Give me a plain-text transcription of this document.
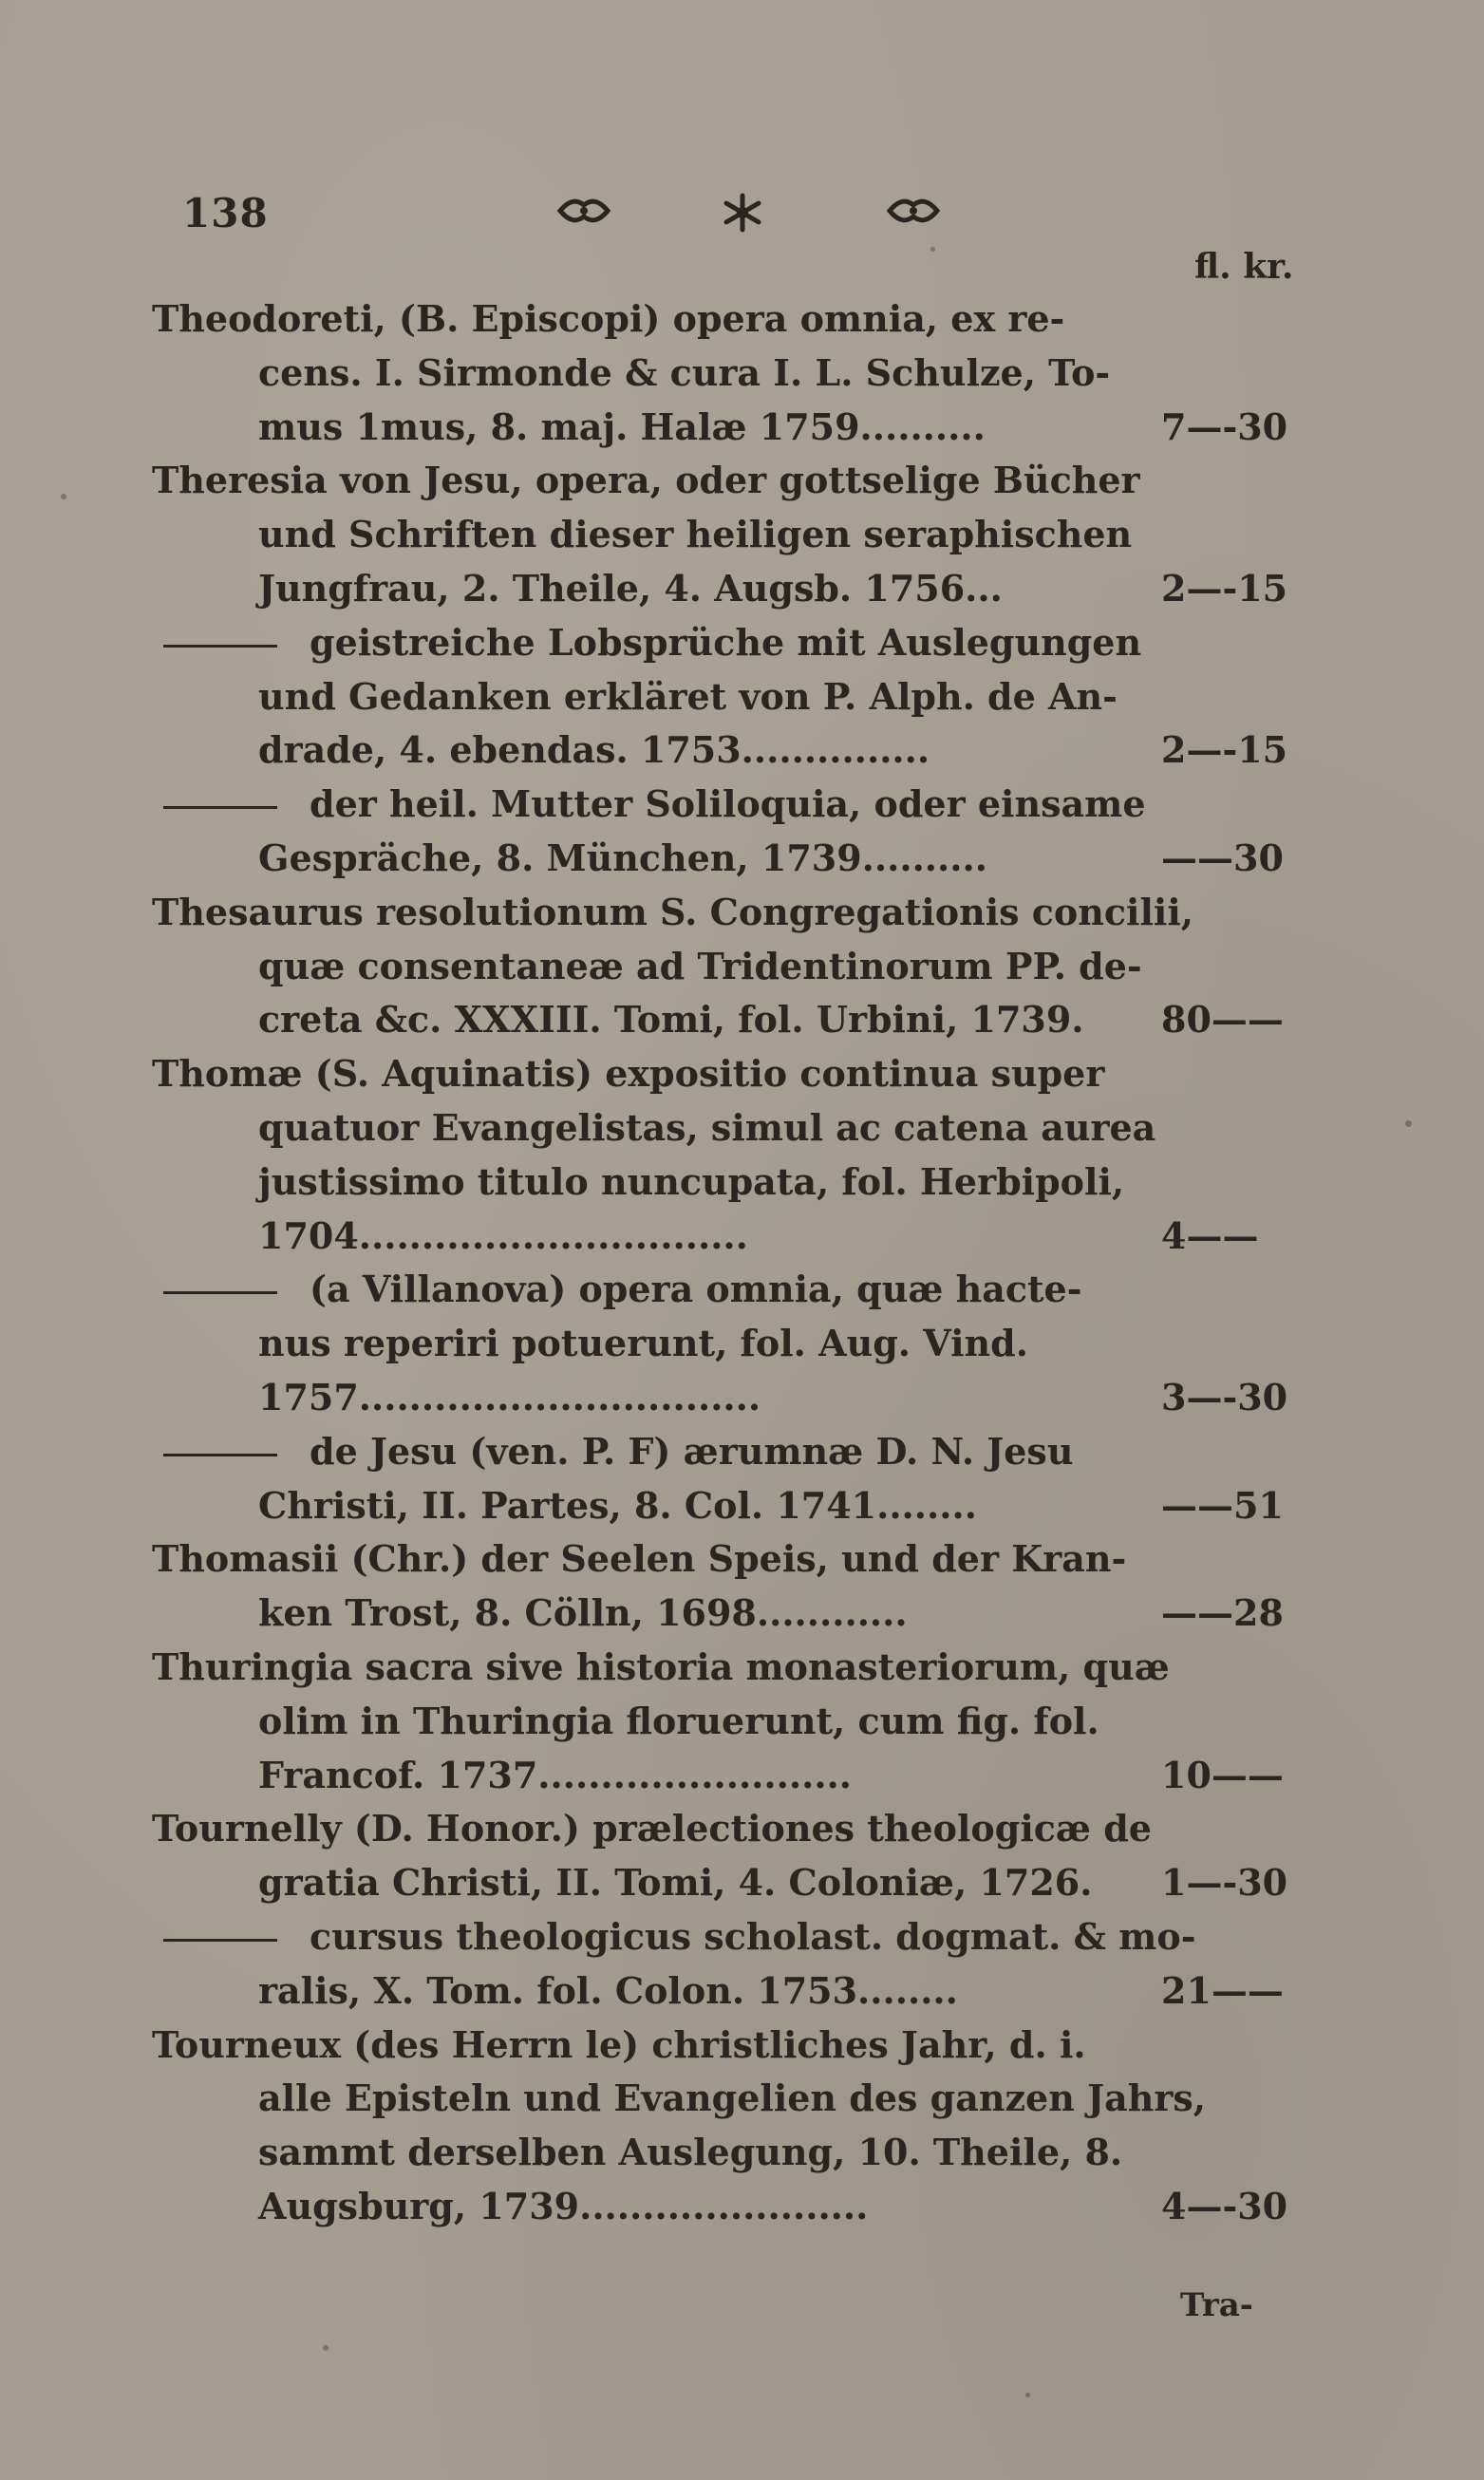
138
fl. kr.
Theodoreti, (B. Episcopi) opera omnia, ex re-
cens. I. Sirmonde & cura I. L. Schulze, To-
mus 1mus, 8. maj. Halæ 1759..........	7—-30
Theresia von Jesu, opera, oder gottselige Bücher
und Schriften dieser heiligen seraphischen
Jungfrau, 2. Theile, 4. Augsb. 1756...	2—-15
geistreiche Lobsprüche mit Auslegungen
und Gedanken erkläret von P. Alph. de An-
drade, 4. ebendas. 1753...............	2—-15
der heil. Mutter Soliloquia, oder einsame
Gespräche, 8. München, 1739..........	——30
Thesaurus resolutionum S. Congregationis concilii,
quæ consentaneæ ad Tridentinorum PP. de-
creta &c. XXXIII. Tomi, fol. Urbini, 1739. 80——
Thomæ (S. Aquinatis) expositio continua super
quatuor Evangelistas, simul ac catena aurea
justissimo titulo nuncupata, fol. Herbipoli,
1704...............................	4——
(a Villanova) opera omnia, quæ hacte-
nus reperiri potuerunt, fol. Aug. Vind.
1757................................	3—-30
de Jesu (ven. P. F) ærumnæ D. N. Jesu
Christi, II. Partes, 8. Col. 1741........	——51
Thomasii (Chr.) der Seelen Speis, und der Kran-
ken Trost, 8. Cölln, 1698............	——28
Thuringia sacra sive historia monasteriorum, quæ
olim in Thuringia floruerunt, cum fig. fol.
Francof. 1737.........................	10——
Tournelly (D. Honor.) prælectiones theologicæ de
gratia Christi, II. Tomi, 4. Coloniæ, 1726. 1—-30
cursus theologicus scholast. dogmat. & mo-
ralis, X. Tom. fol. Colon. 1753........	21——
Tourneux (des Herrn le) christliches Jahr, d. i.
alle Episteln und Evangelien des ganzen Jahrs,
sammt derselben Auslegung, 10. Theile, 8.
Augsburg, 1739.......................	4—-30
Tra-
